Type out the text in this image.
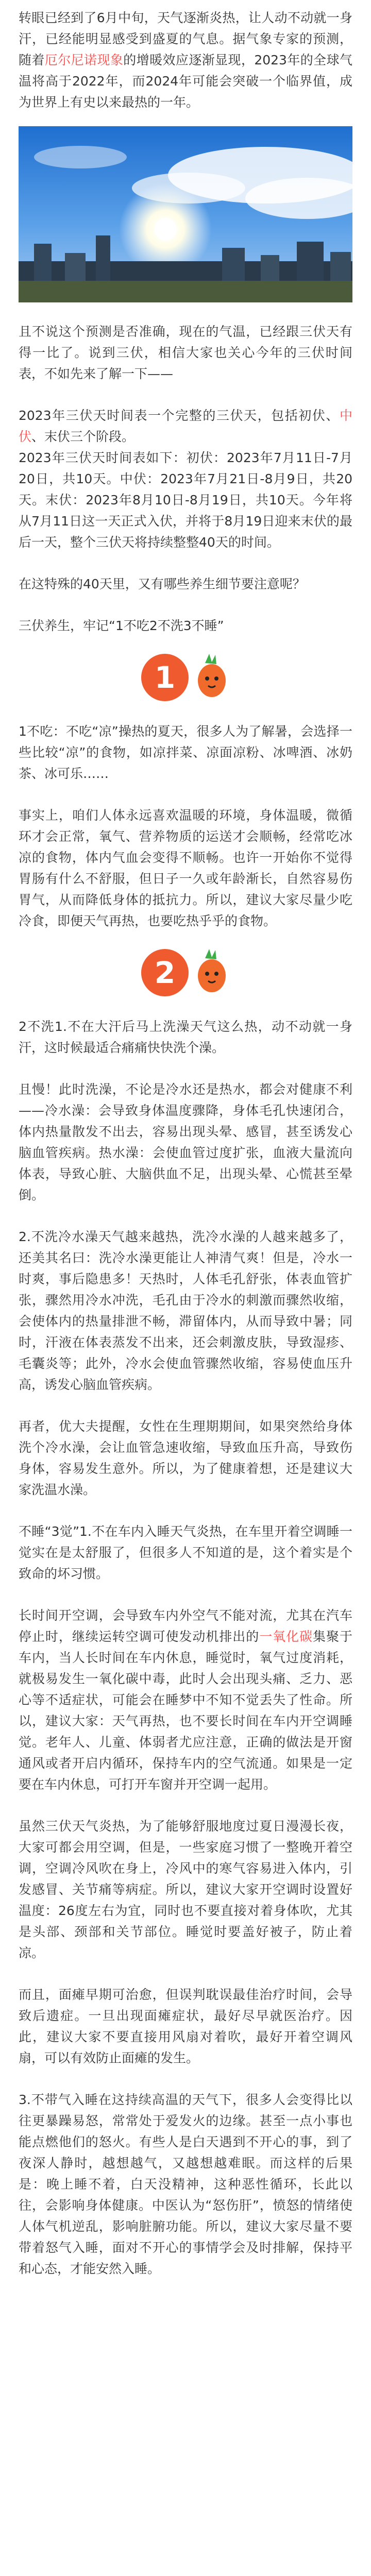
转眼已经到了6月中旬，天气逐渐炎热，让人动不动就一身汗，已经能明显感受到盛夏的气息。据气象专家的预测，随着厄尔尼诺现象的增暖效应逐渐显现，2023年的全球气温将高于2022年，而2024年可能会突破一个临界值，成为世界上有史以来最热的一年。

且不说这个预测是否准确，现在的气温，已经跟三伏天有得一比了。说到三伏，相信大家也关心今年的三伏时间表，不如先来了解一下——

2023年三伏天时间表一个完整的三伏天，包括初伏、中伏、末伏三个阶段。

2023年三伏天时间表如下：初伏：2023年7月11日-7月20日，共10天。中伏：2023年7月21日-8月9日，共20天。末伏：2023年8月10日-8月19日，共10天。今年将从7月11日这一天正式入伏，并将于8月19日迎来末伏的最后一天，整个三伏天将持续整整40天的时间。

在这特殊的40天里，又有哪些养生细节要注意呢？

三伏养生，牢记“1不吃2不洗3不睡”

1

1不吃：不吃“凉”操热的夏天，很多人为了解暑，会选择一些比较“凉”的食物，如凉拌菜、凉面凉粉、冰啤酒、冰奶茶、冰可乐……

事实上，咱们人体永远喜欢温暖的环境，身体温暖，微循环才会正常，氧气、营养物质的运送才会顺畅，经常吃冰凉的食物，体内气血会变得不顺畅。也许一开始你不觉得胃肠有什么不舒服，但日子一久或年龄渐长，自然容易伤胃气，从而降低身体的抵抗力。所以，建议大家尽量少吃冷食，即便天气再热，也要吃热乎乎的食物。

2

2不洗1.不在大汗后马上洗澡天气这么热，动不动就一身汗，这时候最适合痛痛快快洗个澡。

且慢！此时洗澡，不论是冷水还是热水，都会对健康不利——冷水澡：会导致身体温度骤降，身体毛孔快速闭合，体内热量散发不出去，容易出现头晕、感冒，甚至诱发心脑血管疾病。热水澡：会使血管过度扩张，血液大量流向体表，导致心脏、大脑供血不足，出现头晕、心慌甚至晕倒。

2.不洗冷水澡天气越来越热，洗冷水澡的人越来越多了，还美其名曰：洗冷水澡更能让人神清气爽！但是，冷水一时爽，事后隐患多！天热时，人体毛孔舒张，体表血管扩张，骤然用冷水冲洗，毛孔由于冷水的刺激而骤然收缩，会使体内的热量排泄不畅，滞留体内，从而导致中暑；同时，汗液在体表蒸发不出来，还会刺激皮肤，导致湿疹、毛囊炎等；此外，冷水会使血管骤然收缩，容易使血压升高，诱发心脑血管疾病。

再者，优大夫提醒，女性在生理期期间，如果突然给身体洗个冷水澡，会让血管急速收缩，导致血压升高，导致伤身体，容易发生意外。所以，为了健康着想，还是建议大家洗温水澡。

不睡“3觉”1.不在车内入睡天气炎热，在车里开着空调睡一觉实在是太舒服了，但很多人不知道的是，这个着实是个致命的坏习惯。

长时间开空调，会导致车内外空气不能对流，尤其在汽车停止时，继续运转空调可使发动机排出的一氧化碳集聚于车内，当人长时间在车内休息，睡觉时，氧气过度消耗，就极易发生一氧化碳中毒，此时人会出现头痛、乏力、恶心等不适症状，可能会在睡梦中不知不觉丢失了性命。所以，建议大家：天气再热，也不要长时间在车内开空调睡觉。老年人、儿童、体弱者尤应注意，正确的做法是开窗通风或者开启内循环，保持车内的空气流通。如果是一定要在车内休息，可打开车窗并开空调一起用。

虽然三伏天气炎热，为了能够舒服地度过夏日漫漫长夜，大家可都会用空调，但是，一些家庭习惯了一整晚开着空调，空调冷风吹在身上，冷风中的寒气容易进入体内，引发感冒、关节痛等病症。所以，建议大家开空调时设置好温度：26度左右为宜，同时也不要直接对着身体吹，尤其是头部、颈部和关节部位。睡觉时要盖好被子，防止着凉。

而且，面瘫早期可治愈，但误判耽误最佳治疗时间，会导致后遗症。一旦出现面瘫症状，最好尽早就医治疗。因此，建议大家不要直接用风扇对着吹，最好开着空调风扇，可以有效防止面瘫的发生。

3.不带气入睡在这持续高温的天气下，很多人会变得比以往更暴躁易怒，常常处于爱发火的边缘。甚至一点小事也能点燃他们的怒火。有些人是白天遇到不开心的事，到了夜深人静时，越想越气，又越想越难眠。而这样的后果是：晚上睡不着，白天没精神，这种恶性循环，长此以往，会影响身体健康。中医认为“怒伤肝”，愤怒的情绪使人体气机逆乱，影响脏腑功能。所以，建议大家尽量不要带着怒气入睡，面对不开心的事情学会及时排解，保持平和心态，才能安然入睡。
